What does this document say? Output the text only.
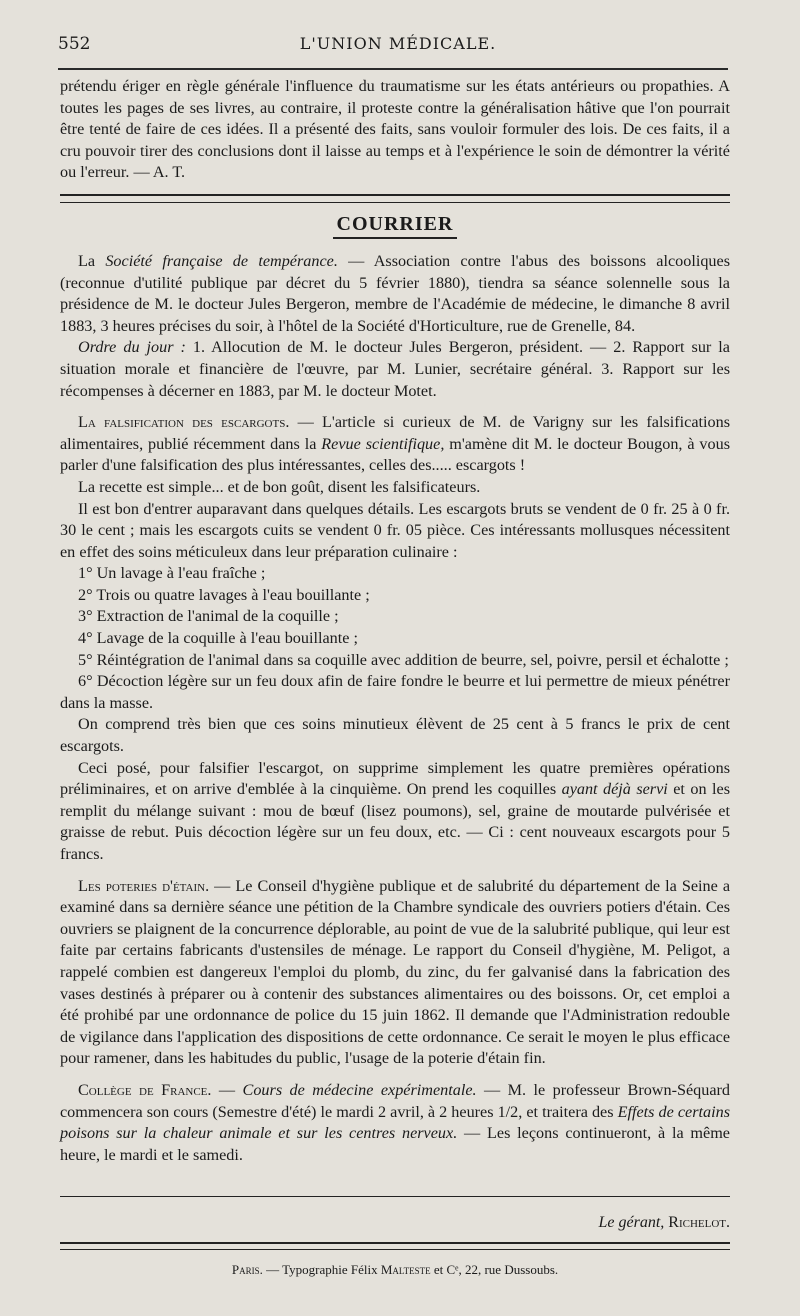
552	L'UNION MÉDICALE.

prétendu ériger en règle générale l'influence du traumatisme sur les états antérieurs ou propathies. A toutes les pages de ses livres, au contraire, il proteste contre la généralisation hâtive que l'on pourrait être tenté de faire de ces idées. Il a présenté des faits, sans vouloir formuler des lois. De ces faits, il a cru pouvoir tirer des conclusions dont il laisse au temps et à l'expérience le soin de démontrer la vérité ou l'erreur. — A. T.

COURRIER

La Société française de tempérance. — Association contre l'abus des boissons alcooliques (reconnue d'utilité publique par décret du 5 février 1880), tiendra sa séance solennelle sous la présidence de M. le docteur Jules Bergeron, membre de l'Académie de médecine, le dimanche 8 avril 1883, 3 heures précises du soir, à l'hôtel de la Société d'Horticulture, rue de Grenelle, 84.

Ordre du jour : 1. Allocution de M. le docteur Jules Bergeron, président. — 2. Rapport sur la situation morale et financière de l'œuvre, par M. Lunier, secrétaire général. 3. Rapport sur les récompenses à décerner en 1883, par M. le docteur Motet.

La falsification des escargots. — L'article si curieux de M. de Varigny sur les falsifications alimentaires, publié récemment dans la Revue scientifique, m'amène dit M. le docteur Bougon, à vous parler d'une falsification des plus intéressantes, celles des..... escargots !

La recette est simple... et de bon goût, disent les falsificateurs.

Il est bon d'entrer auparavant dans quelques détails. Les escargots bruts se vendent de 0 fr. 25 à 0 fr. 30 le cent ; mais les escargots cuits se vendent 0 fr. 05 pièce. Ces intéressants mollusques nécessitent en effet des soins méticuleux dans leur préparation culinaire :

1° Un lavage à l'eau fraîche ;

2° Trois ou quatre lavages à l'eau bouillante ;

3° Extraction de l'animal de la coquille ;

4° Lavage de la coquille à l'eau bouillante ;

5° Réintégration de l'animal dans sa coquille avec addition de beurre, sel, poivre, persil et échalotte ;

6° Décoction légère sur un feu doux afin de faire fondre le beurre et lui permettre de mieux pénétrer dans la masse.

On comprend très bien que ces soins minutieux élèvent de 25 cent à 5 francs le prix de cent escargots.

Ceci posé, pour falsifier l'escargot, on supprime simplement les quatre premières opérations préliminaires, et on arrive d'emblée à la cinquième. On prend les coquilles ayant déjà servi et on les remplit du mélange suivant : mou de bœuf (lisez poumons), sel, graine de moutarde pulvérisée et graisse de rebut. Puis décoction légère sur un feu doux, etc. — Ci : cent nouveaux escargots pour 5 francs.

Les poteries d'étain. — Le Conseil d'hygiène publique et de salubrité du département de la Seine a examiné dans sa dernière séance une pétition de la Chambre syndicale des ouvriers potiers d'étain. Ces ouvriers se plaignent de la concurrence déplorable, au point de vue de la salubrité publique, qui leur est faite par certains fabricants d'ustensiles de ménage. Le rapport du Conseil d'hygiène, M. Peligot, a rappelé combien est dangereux l'emploi du plomb, du zinc, du fer galvanisé dans la fabrication des vases destinés à préparer ou à contenir des substances alimentaires ou des boissons. Or, cet emploi a été prohibé par une ordonnance de police du 15 juin 1862. Il demande que l'Administration redouble de vigilance dans l'application des dispositions de cette ordonnance. Ce serait le moyen le plus efficace pour ramener, dans les habitudes du public, l'usage de la poterie d'étain fin.

Collège de France. — Cours de médecine expérimentale. — M. le professeur Brown-Séquard commencera son cours (Semestre d'été) le mardi 2 avril, à 2 heures 1/2, et traitera des Effets de certains poisons sur la chaleur animale et sur les centres nerveux. — Les leçons continueront, à la même heure, le mardi et le samedi.

Le gérant, Richelot.
Paris. — Typographie Félix Malteste et Cᵉ, 22, rue Dussoubs.
